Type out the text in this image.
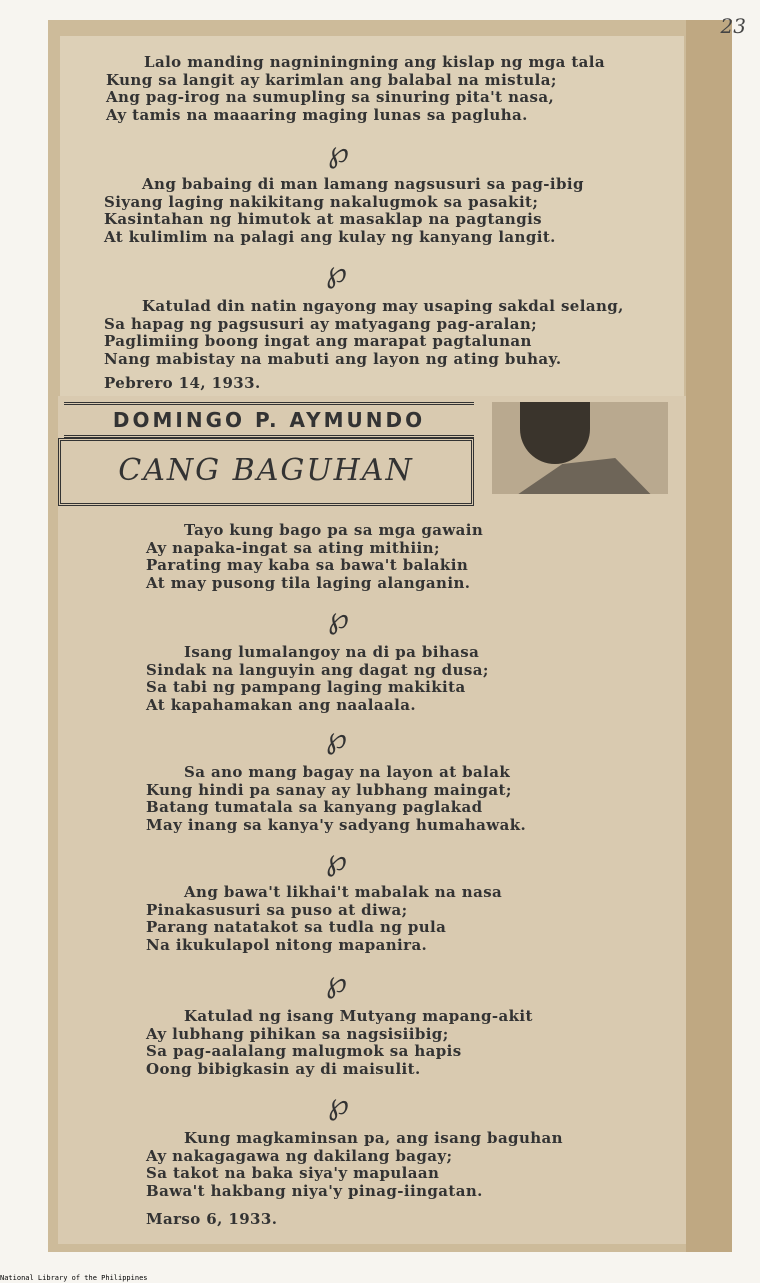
23
Lalo manding nagniningning ang kislap ng mga tala
Kung sa langit ay karimlan ang balabal na mistula;
Ang pag-irog na sumupling sa sinuring pita't nasa,
Ay tamis na maaaring maging lunas sa pagluha.
℘
Ang babaing di man lamang nagsusuri sa pag-ibig
Siyang laging nakikitang nakalugmok sa pasakit;
Kasintahan ng himutok at masaklap na pagtangis
At kulimlim na palagi ang kulay ng kanyang langit.
℘
Katulad din natin ngayong may usaping sakdal selang,
Sa hapag ng pagsusuri ay matyagang pag-aralan;
Paglimiing boong ingat ang marapat pagtalunan
Nang mabistay na mabuti ang layon ng ating buhay.
Pebrero 14, 1933.
DOMINGO P. AYMUNDO
CANG BAGUHAN
Tayo kung bago pa sa mga gawain
Ay napaka-ingat sa ating mithiin;
Parating may kaba sa bawa't balakin
At may pusong tila laging alanganin.
℘
Isang lumalangoy na di pa bihasa
Sindak na languyin ang dagat ng dusa;
Sa tabi ng pampang laging makikita
At kapahamakan ang naalaala.
℘
Sa ano mang bagay na layon at balak
Kung hindi pa sanay ay lubhang maingat;
Batang tumatala sa kanyang paglakad
May inang sa kanya'y sadyang humahawak.
℘
Ang bawa't likhai't mabalak na nasa
Pinakasusuri sa puso at diwa;
Parang natatakot sa tudla ng pula
Na ikukulapol nitong mapanira.
℘
Katulad ng isang Mutyang mapang-akit
Ay lubhang pihikan sa nagsisiibig;
Sa pag-aalalang malugmok sa hapis
Oong bibigkasin ay di maisulit.
℘
Kung magkaminsan pa, ang isang baguhan
Ay nakagagawa ng dakilang bagay;
Sa takot na baka siya'y mapulaan
Bawa't hakbang niya'y pinag-iingatan.
Marso 6, 1933.
National Library of the Philippines
